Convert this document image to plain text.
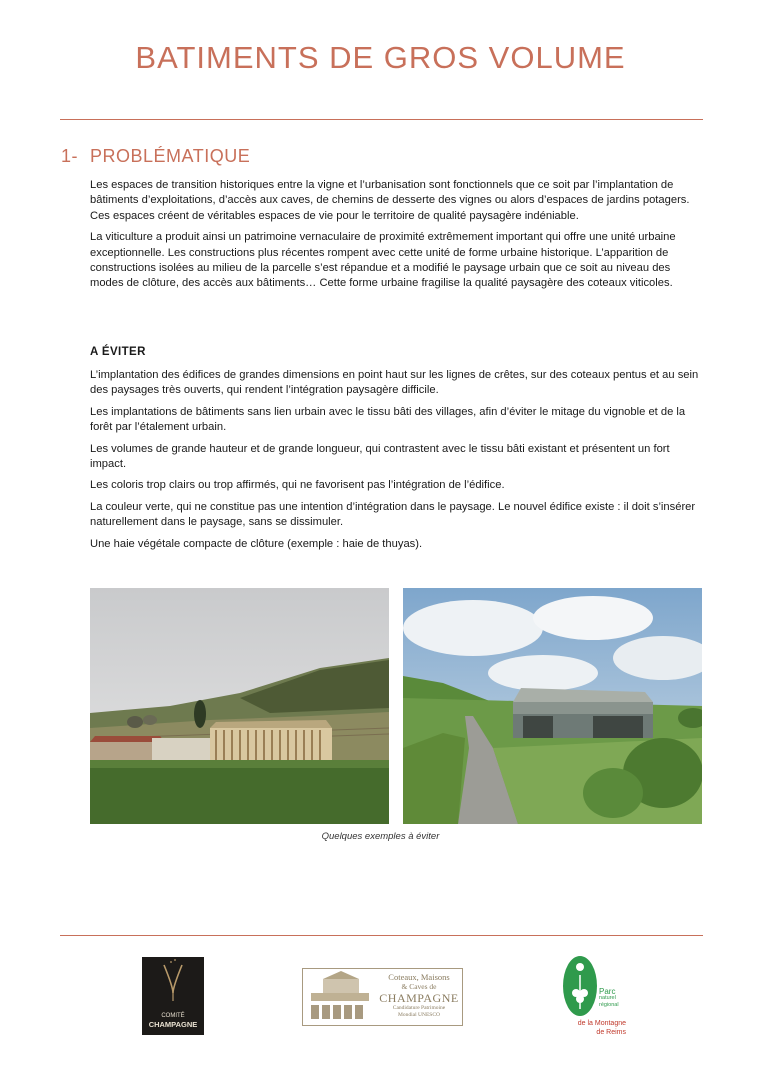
BATIMENTS DE GROS VOLUME
1- PROBLÉMATIQUE

Les espaces de transition historiques entre la vigne et l’urbanisation sont fonctionnels que ce soit par l’implantation de bâtiments d’exploitations, d’accès aux caves, de chemins de desserte des vignes ou alors d’espaces de jardins potagers. Ces espaces créent de véritables espaces de vie pour le territoire de qualité paysagère indéniable.

La viticulture a produit ainsi un patrimoine vernaculaire de proximité extrêmement important qui offre une unité urbaine exceptionnelle. Les constructions plus récentes rompent avec cette unité de forme urbaine historique. L’apparition de constructions isolées au milieu de la parcelle s’est répandue et a modifié le paysage urbain que ce soit au niveau des modes de clôture, des accès aux bâtiments… Cette forme urbaine fragilise la qualité paysagère des coteaux viticoles.

A ÉVITER

L’implantation des édifices de grandes dimensions en point haut sur les lignes de crêtes, sur des coteaux pentus et au sein des paysages très ouverts, qui rendent l’intégration paysagère difficile.

Les implantations de bâtiments sans lien urbain avec le tissu bâti des villages, afin d’éviter le mitage du vignoble et de la forêt par l’étalement urbain.

Les volumes de grande hauteur et de grande longueur, qui contrastent avec le tissu bâti existant et présentent un fort impact.

Les coloris trop clairs ou trop affirmés, qui ne favorisent pas l’intégration de l’édifice.

La couleur verte, qui ne constitue pas une intention d’intégration dans le paysage. Le nouvel édifice existe : il doit s’insérer naturellement dans le paysage, sans se dissimuler.

Une haie végétale compacte de clôture (exemple : haie de thuyas).

Quelques exemples à éviter
COMITÉ
CHAMPAGNE
Coteaux, Maisons
& Caves de
CHAMPAGNE
Candidature Patrimoine
Mondial UNESCO
Parc
naturel
régional
de la Montagne
de Reims
